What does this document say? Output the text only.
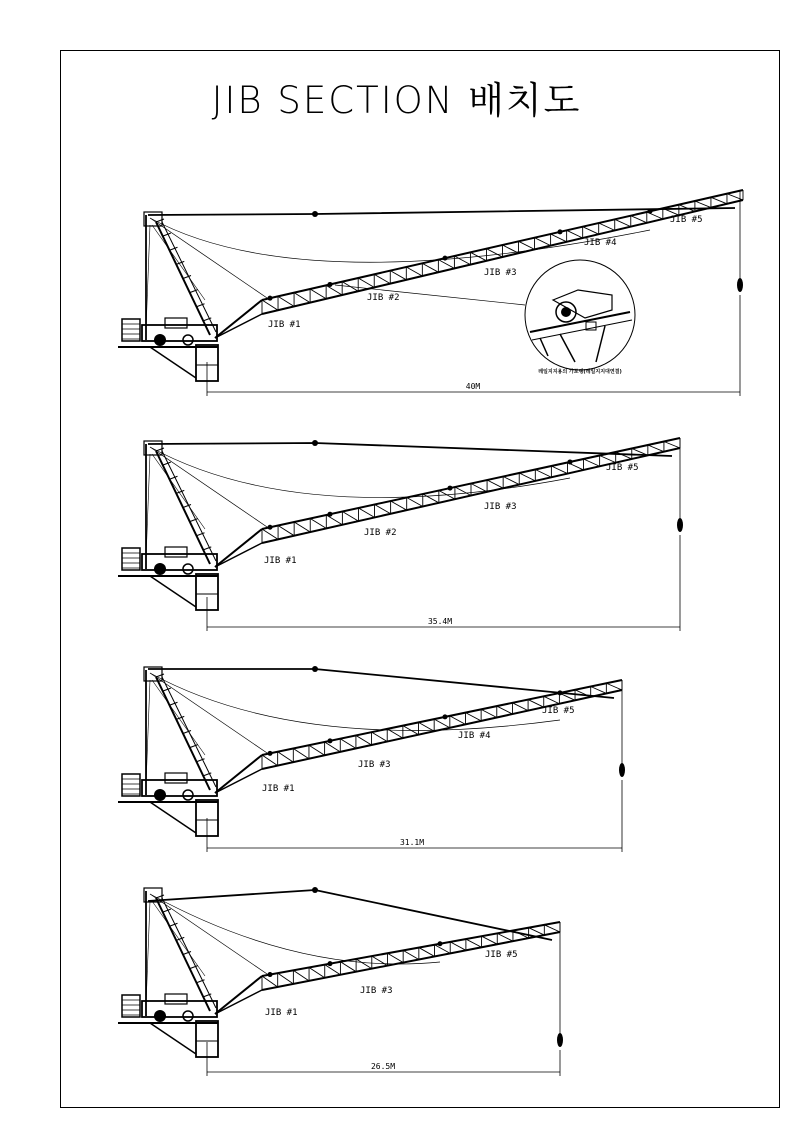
JIB SECTION 배치도
40M
JIB #1
JIB #2
JIB #3
JIB #4
JIB #5
35.4M
JIB #1
JIB #2
JIB #3
JIB #5
31.1M
JIB #1
JIB #3
JIB #4
JIB #5
26.5M
JIB #1
JIB #3
JIB #5
레일지지용의 가포랭(레일지지대연결)
